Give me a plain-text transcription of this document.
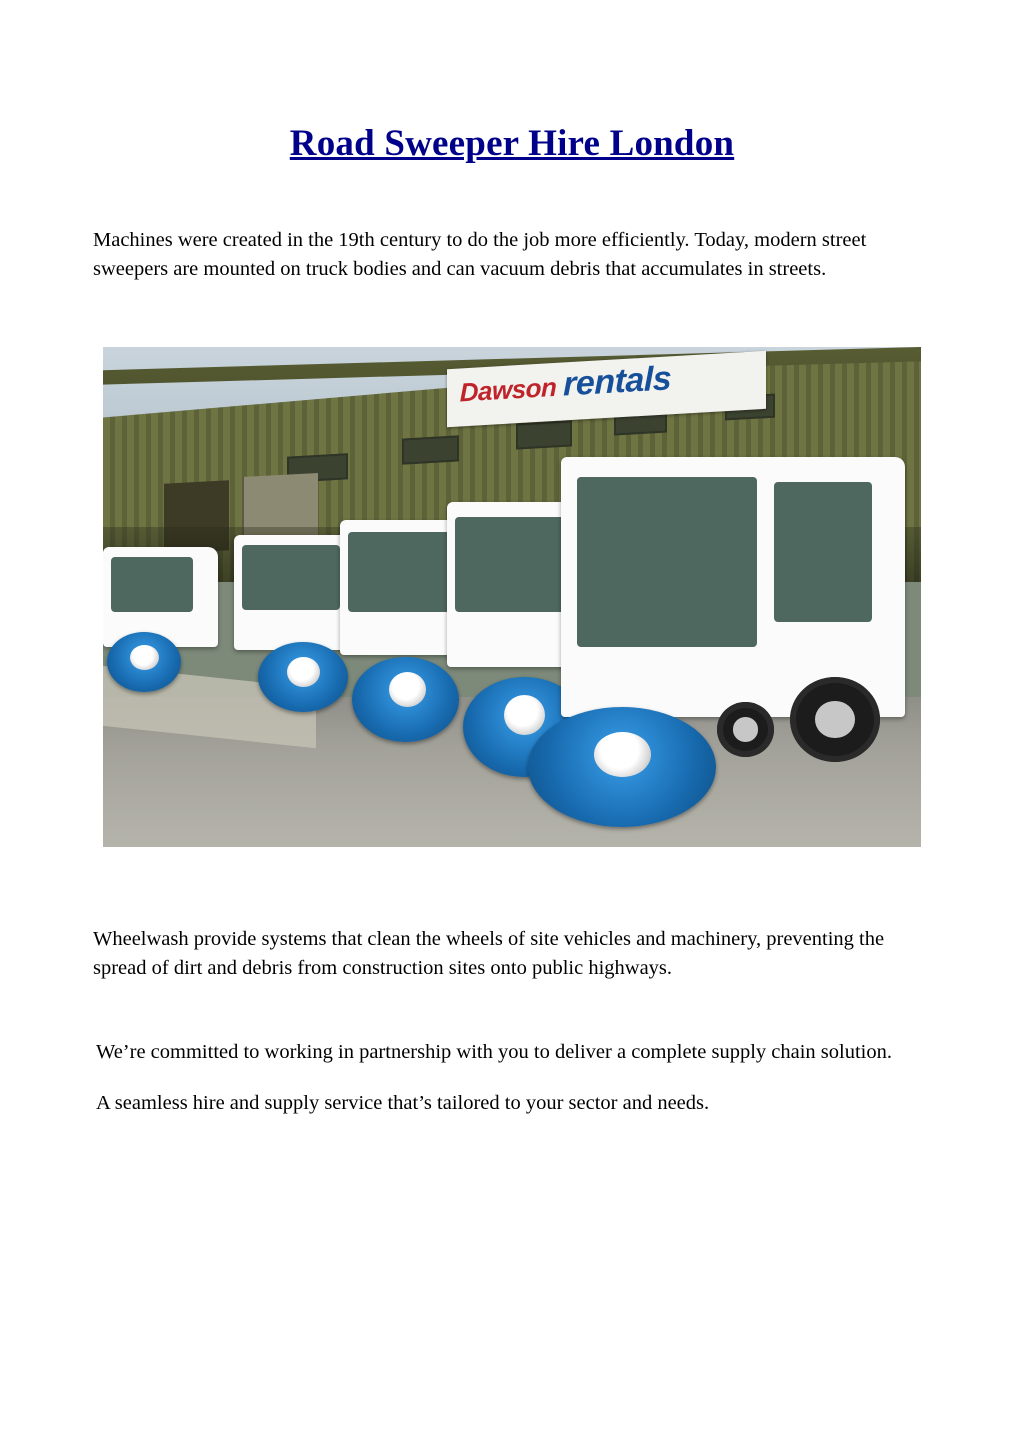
Road Sweeper Hire London

Machines were created in the 19th century to do the job more efficiently. Today, modern street sweepers are mounted on truck bodies and can vacuum debris that accumulates in streets.

Dawson rentals

Wheelwash provide systems that clean the wheels of site vehicles and machinery, preventing the spread of dirt and debris from construction sites onto public highways.

We’re committed to working in partnership with you to deliver a complete supply chain solution.

A seamless hire and supply service that’s tailored to your sector and needs.
